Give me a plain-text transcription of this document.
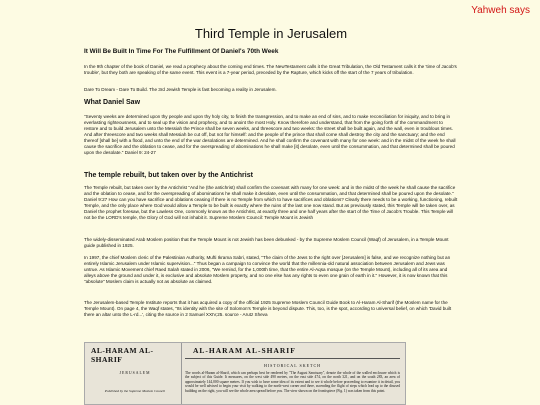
Yahweh says
Third Temple in Jerusalem
It Will Be Built In Time For The Fulfillment Of Daniel's 70th Week
In the 9th chapter of the book of Daniel, we read a prophecy about the coming end times. The NewTestament calls it the Great Tribulation, the Old Testament calls it the 'time of Jacob's trouble', but they both are speaking of the same event. This event is a 7-year period, preceded by the Rapture, which kicks off the start of the 7 years of tribulation.
Dare To Dream - Dare To Build. The 3rd Jewish Temple is fast becoming a reality in Jerusalem.
What Daniel Saw
"Seventy weeks are determined upon thy people and upon thy holy city, to finish the transgression, and to make an end of sins, and to make reconciliation for iniquity, and to bring in everlasting righteousness, and to seal up the vision and prophecy, and to anoint the most Holy. Know therefore and understand, that from the going forth of the commandment to restore and to build Jerusalem unto the Messiah the Prince shall be seven weeks, and threescore and two weeks: the street shall be built again, and the wall, even in troublous times. And after threescore and two weeks shall Messiah be cut off, but not for himself: and the people of the prince that shall come shall destroy the city and the sanctuary; and the end thereof [shall be] with a flood, and unto the end of the war desolations are determined. And he shall confirm the covenant with many for one week: and in the midst of the week he shall cause the sacrifice and the oblation to cease, and for the overspreading of abominations he shall make [it] desolate, even until the consummation, and that determined shall be poured upon the desolate." Daniel 9: 24-27
The temple rebuilt, but taken over by the Antichrist
The Temple rebuilt, but taken over by the Antichrist "And he (the antichrist) shall confirm the covenant with many for one week: and in the midst of the week he shall cause the sacrifice and the oblation to cease, and for the overspreading of abominations he shall make it desolate, even until the consummation, and that determined shall be poured upon the desolate." Daniel 9:27 How can you have sacrifice and oblations ceasing if there is no Temple from which to have sacrifices and oblations? Clearly there needs to be a working, functioning, rebuilt Temple, and the only place where God would allow a Temple to be built is exactly where the ruins of the last one now stand. But as previously stated, this Temple will be taken over, as Daniel the prophet foresaw, but the Lawless One, commonly known as the Antichrist, at exactly three and one half years after the start of the Time of Jacob's Trouble. This Temple will not be the LORD's temple, the Glory of God will not inhabit it. Supreme Moslem Council: Temple Mount is Jewish
The widely-disseminated Arab Moslem position that the Temple Mount is not Jewish has been debunked - by the Supreme Moslem Council (Waqf) of Jerusalem, in a Temple Mount guide published in 1925.
In 1997, the chief Moslem cleric of the Palestinian Authority, Mufti Ikrama Sabri, stated, "The claim of the Jews to the right over [Jerusalem] is false, and we recognize nothing but an entirely Islamic Jerusalem under Islamic supervision..." Thus began a campaign to convince the world that the millennia-old natural association between Jerusalem and Jews was untrue. As Islamic Movement chief Raed Salah stated in 2006, "We remind, for the 1,000th time, that the entire Al-Aqsa mosque (on the Temple Mount), including all of its area and alleys above the ground and under it, is exclusive and absolute Moslem property, and no one else has any rights to even one grain of earth in it." However, it is now known that this "absolute" Moslem claim is actually not as absolute as claimed.
The Jerusalem-based Temple Institute reports that it has acquired a copy of the official 1925 Supreme Moslem Council Guide Book to Al-Haram Al-Sharif (the Moslem name for the Temple Mount). On page 4, the Waqf states, "Its identity with the site of Solomon's Temple is beyond dispute. This, too, is the spot, according to universal belief, on which 'David built there an altar unto the L-rd...', citing the source in 2 Samuel XXIV,25. source - Arutz Sheva
AL-HARAM AL-SHARIF
JERUSALEM
Published by the Supreme Moslem Council
AL-HARAM AL-SHARIF
HISTORICAL SKETCH
The words al-Haram al-Sharif, which can perhaps best be rendered by "The August Sanctuary", denote the whole of the walled enclosure which is the subject of this Guide. It measures, on the west side 490 metres, on the east side 474, on the north 321, and on the south 283, an area of approximately 144,000 square metres. If you wish to have some idea of its extent and to see it whole before proceeding to examine it in detail, you would be well advised to begin your visit by walking to the north-west corner and there, ascending the flight of steps which lead up to the disused building on the right, you will see the whole area spread before you. The view shown on the frontispiece (Fig. 1) was taken from this point.
